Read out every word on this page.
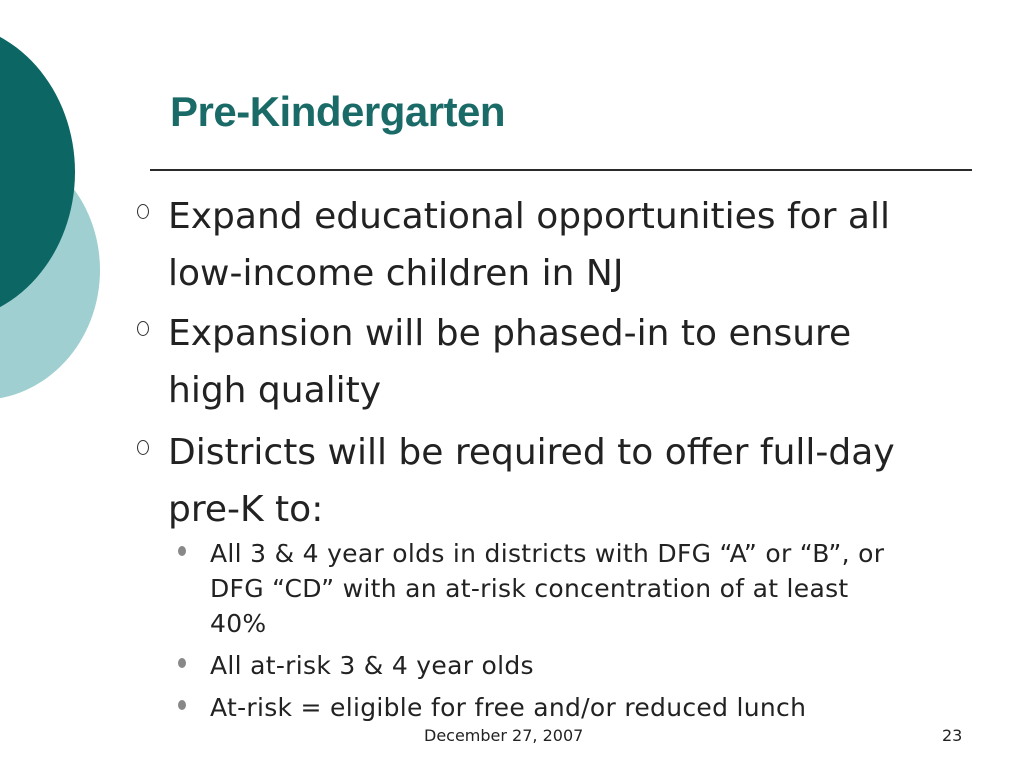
Pre-Kindergarten
Expand educational opportunities for all
low-income children in NJ
Expansion will be phased-in to ensure
high quality
Districts will be required to offer full-day
pre-K to:
All 3 & 4 year olds in districts with DFG “A” or “B”, or
DFG “CD” with an at-risk concentration of at least
40%
All at-risk 3 & 4 year olds
At-risk = eligible for free and/or reduced lunch
December 27, 2007	23
